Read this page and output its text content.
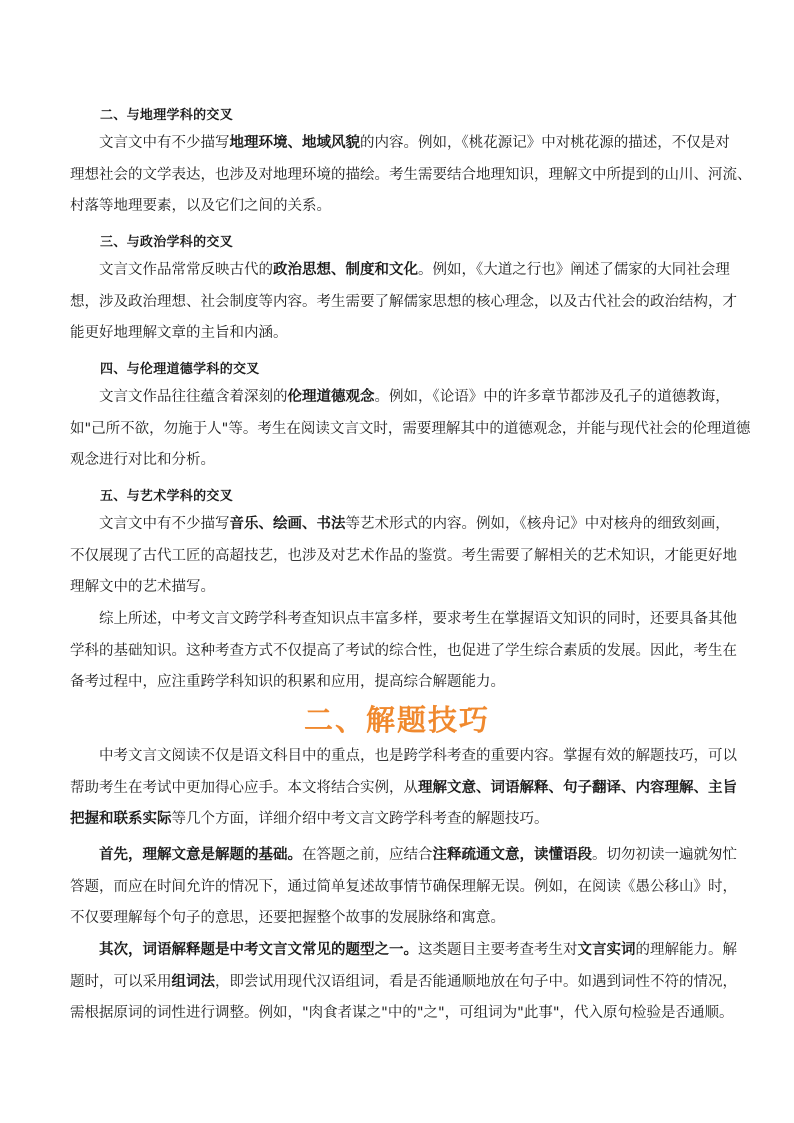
二、与地理学科的交叉
文言文中有不少描写地理环境、地域风貌的内容。例如，《桃花源记》中对桃花源的描述，不仅是对
理想社会的文学表达，也涉及对地理环境的描绘。考生需要结合地理知识，理解文中所提到的山川、河流、
村落等地理要素，以及它们之间的关系。
三、与政治学科的交叉
文言文作品常常反映古代的政治思想、制度和文化。例如，《大道之行也》阐述了儒家的大同社会理
想，涉及政治理想、社会制度等内容。考生需要了解儒家思想的核心理念，以及古代社会的政治结构，才
能更好地理解文章的主旨和内涵。
四、与伦理道德学科的交叉
文言文作品往往蕴含着深刻的伦理道德观念。例如，《论语》中的许多章节都涉及孔子的道德教诲，
如"己所不欲，勿施于人"等。考生在阅读文言文时，需要理解其中的道德观念，并能与现代社会的伦理道德
观念进行对比和分析。
五、与艺术学科的交叉
文言文中有不少描写音乐、绘画、书法等艺术形式的内容。例如，《核舟记》中对核舟的细致刻画，
不仅展现了古代工匠的高超技艺，也涉及对艺术作品的鉴赏。考生需要了解相关的艺术知识，才能更好地
理解文中的艺术描写。
综上所述，中考文言文跨学科考查知识点丰富多样，要求考生在掌握语文知识的同时，还要具备其他
学科的基础知识。这种考查方式不仅提高了考试的综合性，也促进了学生综合素质的发展。因此，考生在
备考过程中，应注重跨学科知识的积累和应用，提高综合解题能力。
二、解题技巧
中考文言文阅读不仅是语文科目中的重点，也是跨学科考查的重要内容。掌握有效的解题技巧，可以
帮助考生在考试中更加得心应手。本文将结合实例，从理解文意、词语解释、句子翻译、内容理解、主旨
把握和联系实际等几个方面，详细介绍中考文言文跨学科考查的解题技巧。
首先，理解文意是解题的基础。在答题之前，应结合注释疏通文意，读懂语段。切勿初读一遍就匆忙
答题，而应在时间允许的情况下，通过简单复述故事情节确保理解无误。例如，在阅读《愚公移山》时，
不仅要理解每个句子的意思，还要把握整个故事的发展脉络和寓意。
其次，词语解释题是中考文言文常见的题型之一。这类题目主要考查考生对文言实词的理解能力。解
题时，可以采用组词法，即尝试用现代汉语组词，看是否能通顺地放在句子中。如遇到词性不符的情况，
需根据原词的词性进行调整。例如，"肉食者谋之"中的"之"，可组词为"此事"，代入原句检验是否通顺。
